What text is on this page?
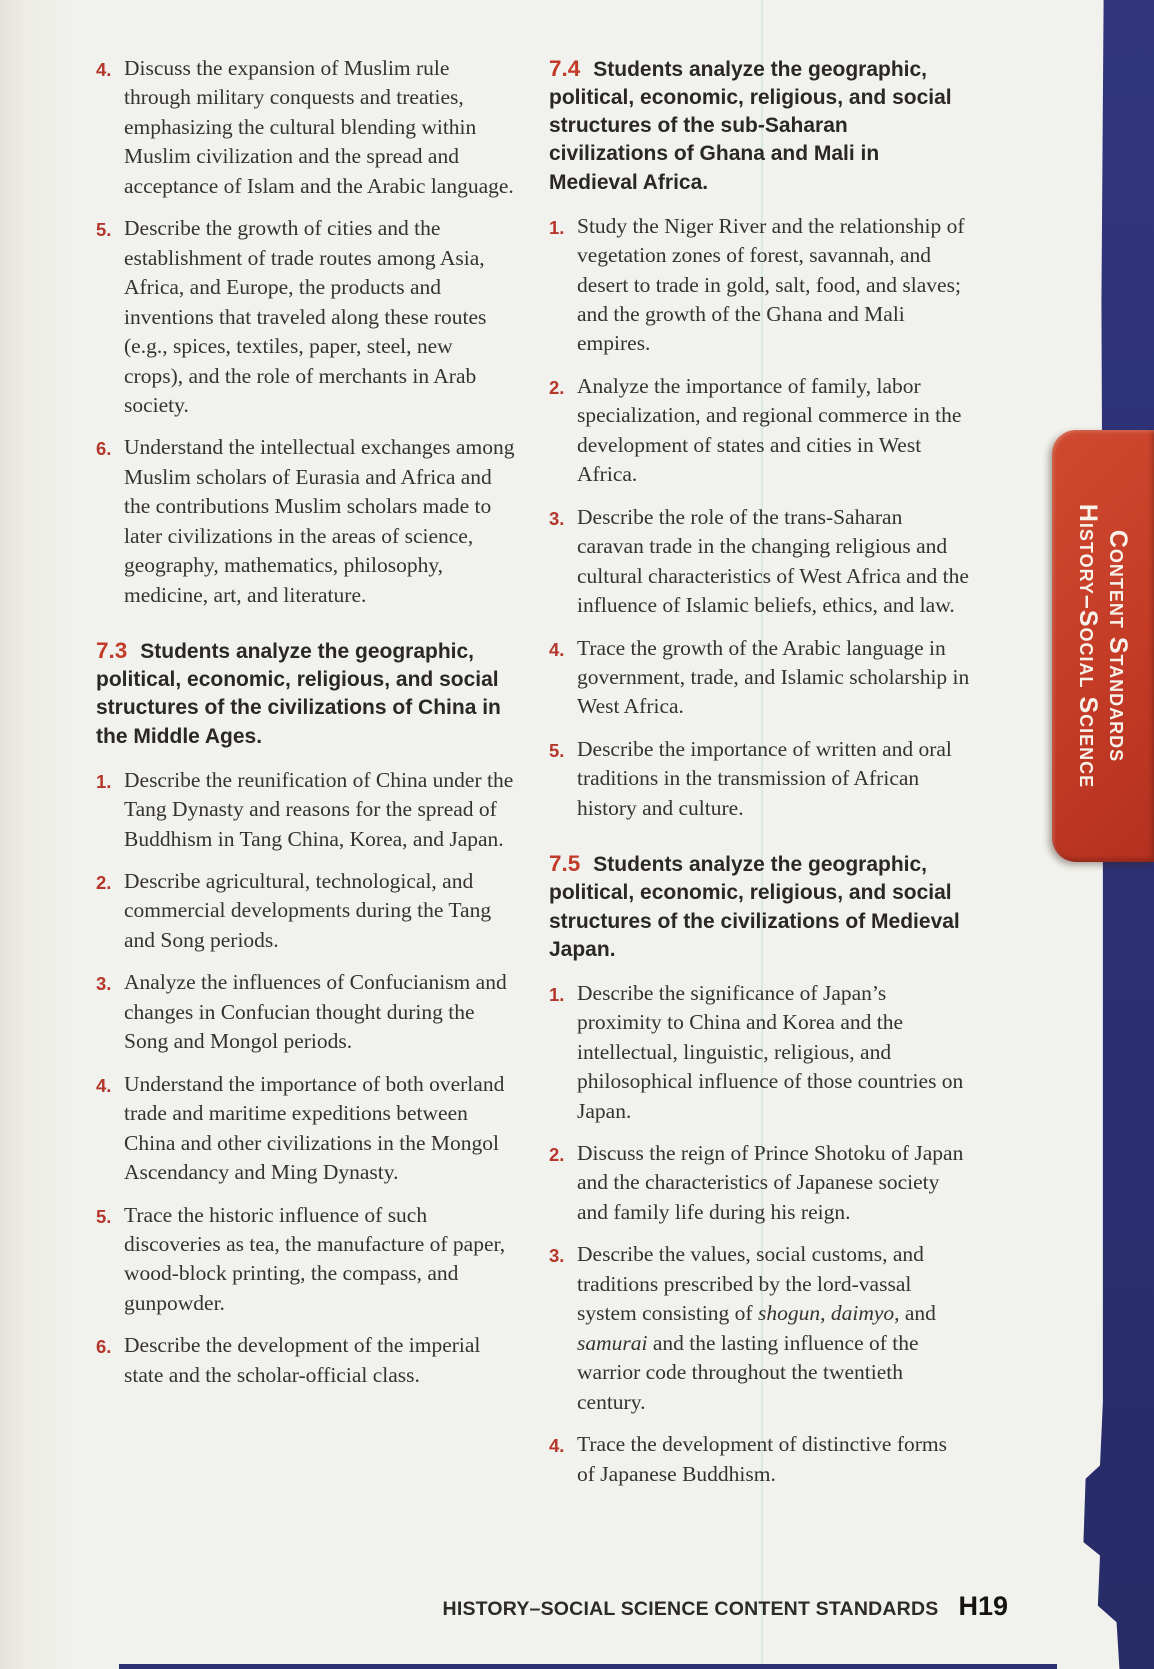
4. Discuss the expansion of Muslim rule through military conquests and treaties, emphasizing the cultural blending within Muslim civilization and the spread and acceptance of Islam and the Arabic language.

5. Describe the growth of cities and the establishment of trade routes among Asia, Africa, and Europe, the products and inventions that traveled along these routes (e.g., spices, textiles, paper, steel, new crops), and the role of merchants in Arab society.

6. Understand the intellectual exchanges among Muslim scholars of Eurasia and Africa and the contributions Muslim scholars made to later civilizations in the areas of science, geography, mathematics, philosophy, medicine, art, and literature.

7.3 Students analyze the geographic, political, economic, religious, and social structures of the civilizations of China in the Middle Ages.
1. Describe the reunification of China under the Tang Dynasty and reasons for the spread of Buddhism in Tang China, Korea, and Japan.

2. Describe agricultural, technological, and commercial developments during the Tang and Song periods.

3. Analyze the influences of Confucianism and changes in Confucian thought during the Song and Mongol periods.

4. Understand the importance of both overland trade and maritime expeditions between China and other civilizations in the Mongol Ascendancy and Ming Dynasty.

5. Trace the historic influence of such discoveries as tea, the manufacture of paper, wood-block printing, the compass, and gunpowder.

6. Describe the development of the imperial state and the scholar-official class.

7.4 Students analyze the geographic, political, economic, religious, and social structures of the sub-Saharan civilizations of Ghana and Mali in Medieval Africa.
1. Study the Niger River and the relationship of vegetation zones of forest, savannah, and desert to trade in gold, salt, food, and slaves; and the growth of the Ghana and Mali empires.

2. Analyze the importance of family, labor specialization, and regional commerce in the development of states and cities in West Africa.

3. Describe the role of the trans-Saharan caravan trade in the changing religious and cultural characteristics of West Africa and the influence of Islamic beliefs, ethics, and law.

4. Trace the growth of the Arabic language in government, trade, and Islamic scholarship in West Africa.

5. Describe the importance of written and oral traditions in the transmission of African history and culture.

7.5 Students analyze the geographic, political, economic, religious, and social structures of the civilizations of Medieval Japan.
1. Describe the significance of Japan’s proximity to China and Korea and the intellectual, linguistic, religious, and philosophical influence of those countries on Japan.

2. Discuss the reign of Prince Shotoku of Japan and the characteristics of Japanese society and family life during his reign.

3. Describe the values, social customs, and traditions prescribed by the lord-vassal system consisting of shogun, daimyo, and samurai and the lasting influence of the warrior code throughout the twentieth century.

4. Trace the development of distinctive forms of Japanese Buddhism.

Content Standards
History–Social Science
HISTORY–SOCIAL SCIENCE CONTENT STANDARDS H19
